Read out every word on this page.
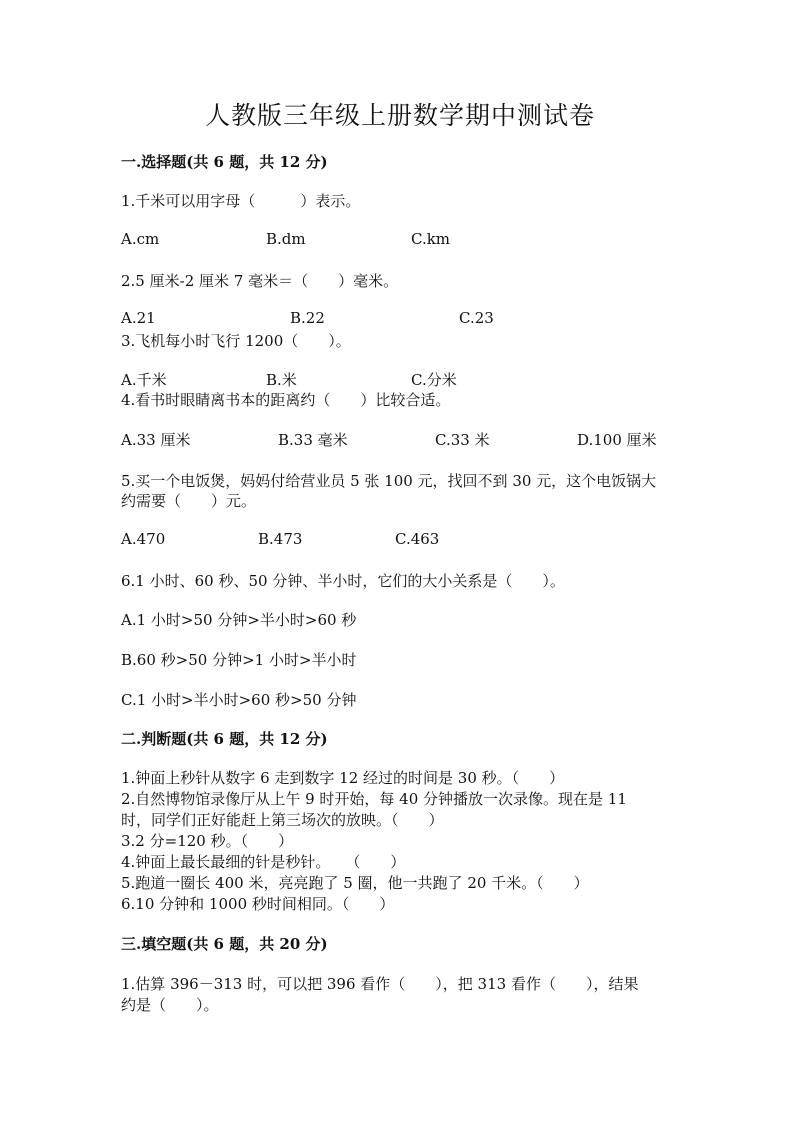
人教版三年级上册数学期中测试卷
一.选择题(共 6 题，共 12 分)
1.千米可以用字母（　　　）表示。
A.cm	B.dm	C.km
2.5 厘米-2 厘米 7 毫米＝（　　）毫米。
A.21	B.22	C.23
3.飞机每小时飞行 1200（　　）。
A.千米	B.米	C.分米
4.看书时眼睛离书本的距离约（　　）比较合适。
A.33 厘米	B.33 毫米	C.33 米	D.100 厘米
5.买一个电饭煲，妈妈付给营业员 5 张 100 元，找回不到 30 元，这个电饭锅大
约需要（　　）元。
A.470	B.473	C.463
6.1 小时、60 秒、50 分钟、半小时，它们的大小关系是（　　）。
A.1 小时>50 分钟>半小时>60 秒
B.60 秒>50 分钟>1 小时>半小时
C.1 小时>半小时>60 秒>50 分钟
二.判断题(共 6 题，共 12 分)
1.钟面上秒针从数字 6 走到数字 12 经过的时间是 30 秒。（　　）
2.自然博物馆录像厅从上午 9 时开始，每 40 分钟播放一次录像。现在是 11
时，同学们正好能赶上第三场次的放映。（　　）
3.2 分=120 秒。（　　）
4.钟面上最长最细的针是秒针。　　（　　）
5.跑道一圈长 400 米，亮亮跑了 5 圈，他一共跑了 20 千米。（　　）
6.10 分钟和 1000 秒时间相同。（　　）
三.填空题(共 6 题，共 20 分)
1.估算 396－313 时，可以把 396 看作（　　），把 313 看作（　　），结果
约是（　　）。
